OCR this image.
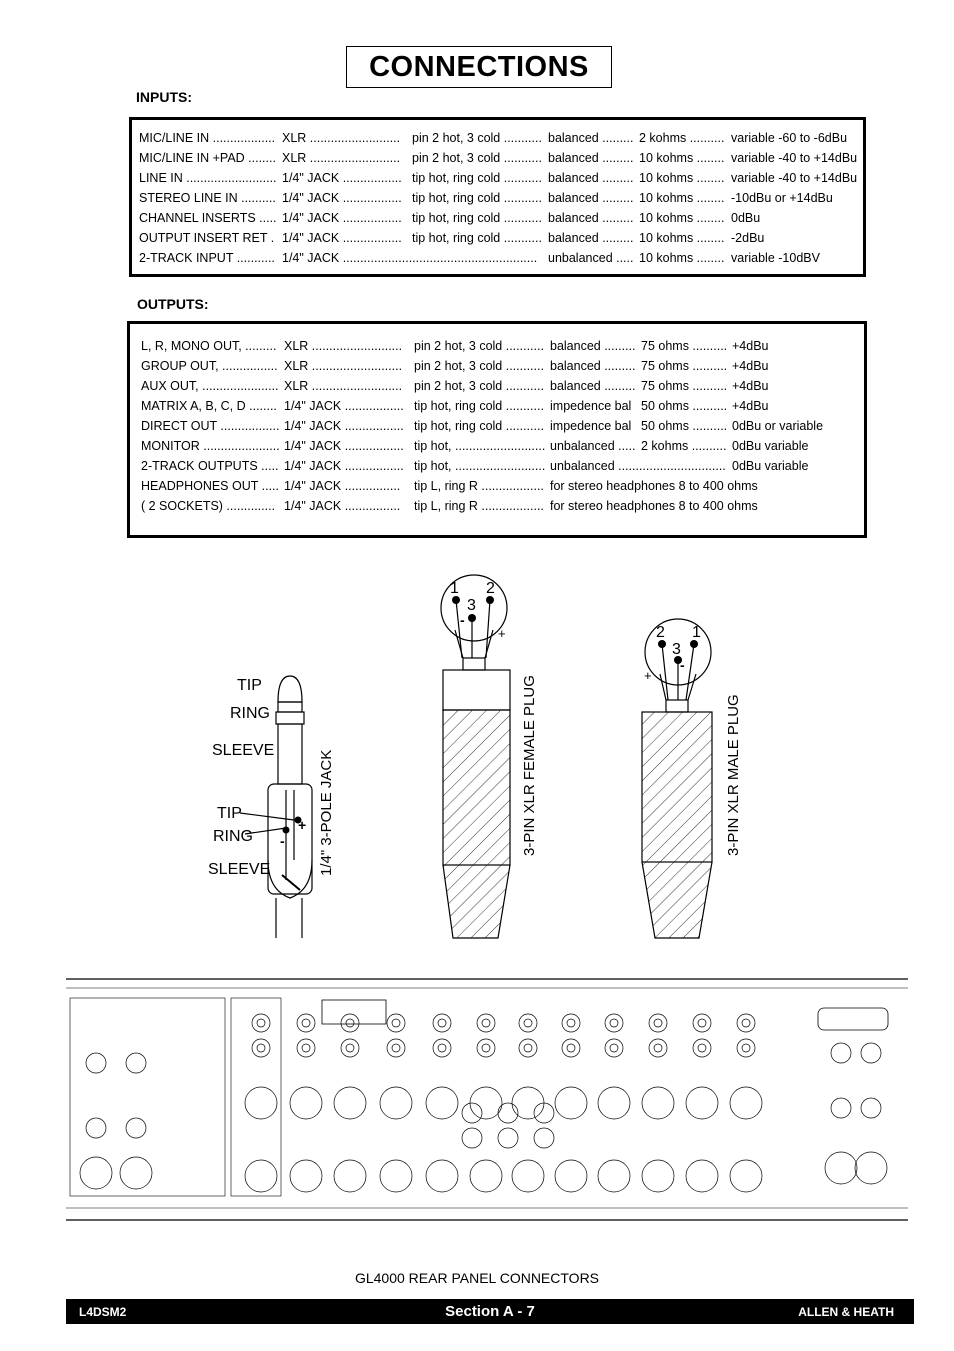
CONNECTIONS
INPUTS:
MIC/LINE IN .................. XLR .......................... pin 2 hot, 3 cold ........... balanced ......... 2 kohms .......... variable -60 to -6dBu
MIC/LINE IN +PAD ........ XLR .......................... pin 2 hot, 3 cold ........... balanced ......... 10 kohms ........ variable -40 to +14dBu
LINE IN .......................... 1/4" JACK ................. tip hot, ring cold ........... balanced ......... 10 kohms ........ variable -40 to +14dBu
STEREO LINE IN .......... 1/4" JACK ................. tip hot, ring cold ........... balanced ......... 10 kohms ........ -10dBu or +14dBu
CHANNEL INSERTS ..... 1/4" JACK ................. tip hot, ring cold ........... balanced ......... 10 kohms ........ 0dBu
OUTPUT INSERT RET . 1/4" JACK ................. tip hot, ring cold ........... balanced ......... 10 kohms ........ -2dBu
2-TRACK INPUT ........... 1/4" JACK ........................................................ unbalanced ..... 10 kohms ........ variable -10dBV
OUTPUTS:
L, R, MONO OUT, ......... XLR .......................... pin 2 hot, 3 cold ........... balanced ......... 75 ohms .......... +4dBu
GROUP OUT, ................ XLR .......................... pin 2 hot, 3 cold ........... balanced ......... 75 ohms .......... +4dBu
AUX OUT, ...................... XLR .......................... pin 2 hot, 3 cold ........... balanced ......... 75 ohms .......... +4dBu
MATRIX A, B, C, D ........ 1/4" JACK ................. tip hot, ring cold ........... impedence bal 50 ohms .......... +4dBu
DIRECT OUT ................. 1/4" JACK ................. tip hot, ring cold ........... impedence bal 50 ohms .......... 0dBu or variable
MONITOR ...................... 1/4" JACK ................. tip hot, .......................... unbalanced ..... 2 kohms .......... 0dBu variable
2-TRACK OUTPUTS ..... 1/4" JACK ................. tip hot, .......................... unbalanced ............................... 0dBu variable
HEADPHONES OUT ..... 1/4" JACK ................ tip L, ring R .................. for stereo headphones 8 to 400 ohms
( 2 SOCKETS) .............. 1/4" JACK ................ tip L, ring R .................. for stereo headphones 8 to 400 ohms
TIP
RING
SLEEVE
TIP
RING
SLEEVE
+
- 1/4" 3-POLE JACK
1 2
3
-
+
3-PIN XLR FEMALE PLUG
2 1
3
-
+
3-PIN XLR MALE PLUG
GL4000 REAR PANEL CONNECTORS
L4DSM2	Section A - 7	ALLEN & HEATH
